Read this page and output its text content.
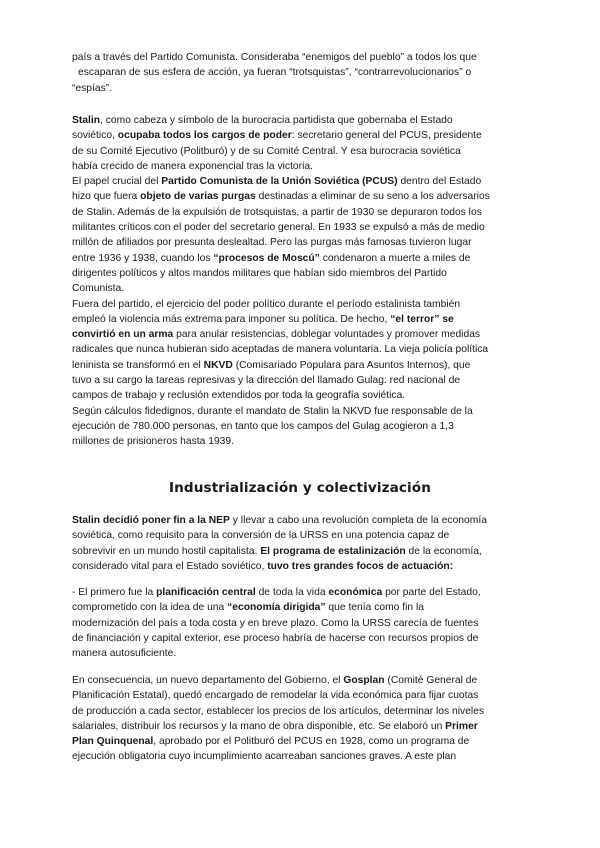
país a través del Partido Comunista. Consideraba “enemigos del pueblo” a todos los que
escaparan de sus esfera de acción, ya fueran “trotsquistas”, “contrarrevolucionarios” o
“espías”.
Stalin, como cabeza y símbolo de la burocracia partidista que gobernaba el Estado
soviético, ocupaba todos los cargos de poder: secretario general del PCUS, presidente
de su Comité Ejecutivo (Politburó) y de su Comité Central. Y esa burocracia soviética
había crecido de manera exponencial tras la victoria.
El papel crucial del Partido Comunista de la Unión Soviética (PCUS) dentro del Estado
hizo que fuera objeto de varias purgas destinadas a eliminar de su seno a los adversarios
de Stalin. Además de la expulsión de trotsquistas, a partir de 1930 se depuraron todos los
militantes críticos con el poder del secretario general. En 1933 se expulsó a más de medio
millón de afiliados por presunta deslealtad. Pero las purgas más famosas tuvieron lugar
entre 1936 y 1938, cuando los “procesos de Moscú” condenaron a muerte a miles de
dirigentes políticos y altos mandos militares que habían sido miembros del Partido
Comunista.
Fuera del partido, el ejercicio del poder político durante el período estalinista también
empleó la violencia más extrema para imponer su política. De hecho, “el terror” se
convirtió en un arma para anular resistencias, doblegar voluntades y promover medidas
radicales que nunca hubieran sido aceptadas de manera voluntaria. La vieja policía política
leninista se transformó en el NKVD (Comisariado Populara para Asuntos Internos), que
tuvo a su cargo la tareas represivas y la dirección del llamado Gulag: red nacional de
campos de trabajo y reclusión extendidos por toda la geografía soviética.
Según cálculos fidedignos, durante el mandato de Stalin la NKVD fue responsable de la
ejecución de 780.000 personas, en tanto que los campos del Gulag acogieron a 1,3
millones de prisioneros hasta 1939.
Industrialización y colectivización
Stalin decidió poner fin a la NEP y llevar a cabo una revolución completa de la economía
soviética, como requisito para la conversión de la URSS en una potencia capaz de
sobrevivir en un mundo hostil capitalista. El programa de estalinización de la economía,
considerado vital para el Estado soviético, tuvo tres grandes focos de actuación:
- El primero fue la planificación central de toda la vida económica por parte del Estado,
comprometido con la idea de una “economía dirigida” que tenía como fin la
modernización del país a toda costa y en breve plazo. Como la URSS carecía de fuentes
de financiación y capital exterior, ese proceso habría de hacerse con recursos propios de
manera autosuficiente.
En consecuencia, un nuevo departamento del Gobierno, el Gosplan (Comité General de
Planificación Estatal), quedó encargado de remodelar la vida económica para fijar cuotas
de producción a cada sector, establecer los precios de los artículos, determinar los niveles
salariales, distribuir los recursos y la mano de obra disponible, etc. Se elaboró un Primer
Plan Quinquenal, aprobado por el Politburó del PCUS en 1928, como un programa de
ejecución obligatoria cuyo incumplimiento acarreaban sanciones graves. A este plan
